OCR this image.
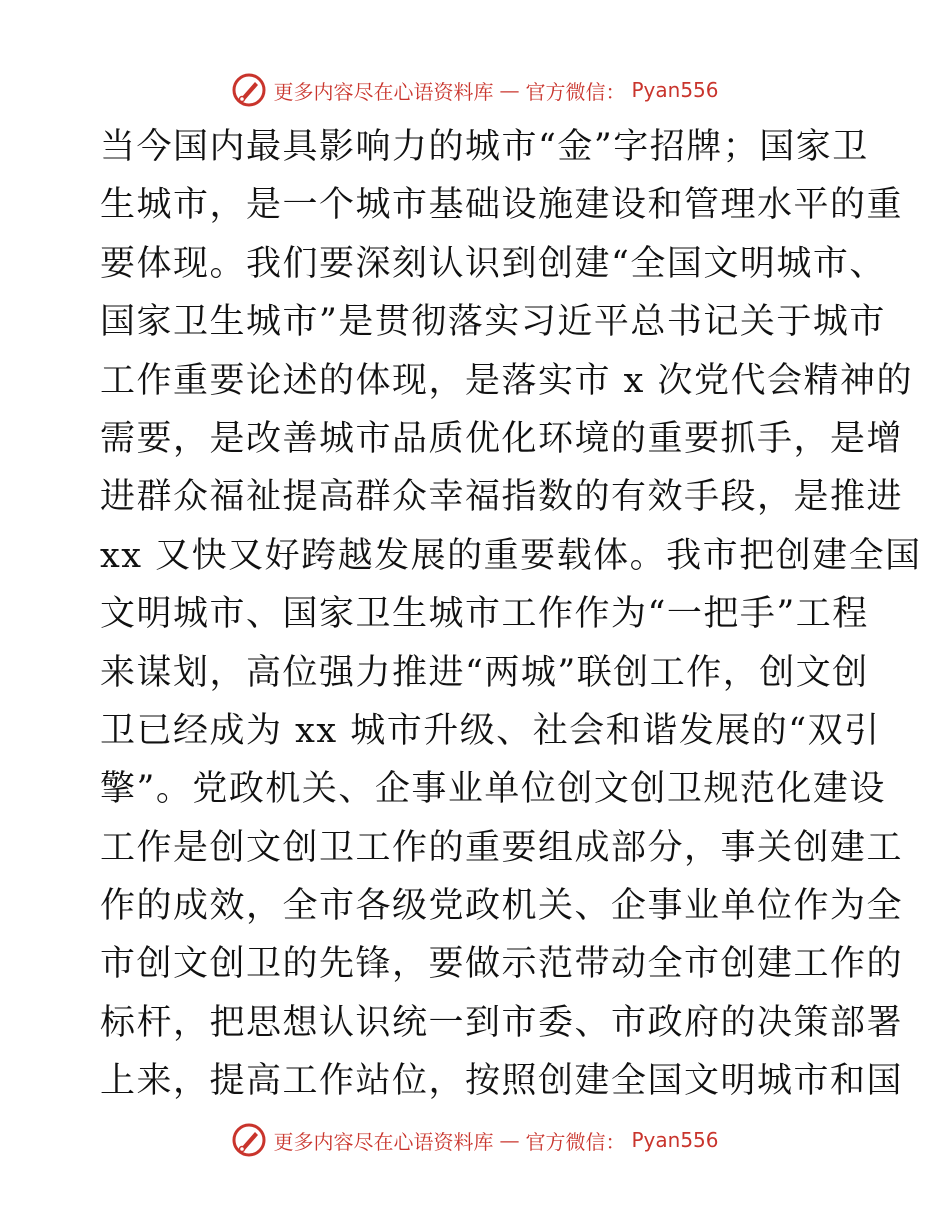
更多内容尽在心语资料库 — 官方微信： Pyan556
当今国内最具影响力的城市“金”字招牌；国家卫
生城市，是一个城市基础设施建设和管理水平的重
要体现。我们要深刻认识到创建“全国文明城市、
国家卫生城市”是贯彻落实习近平总书记关于城市
工作重要论述的体现，是落实市 x 次党代会精神的
需要，是改善城市品质优化环境的重要抓手，是增
进群众福祉提高群众幸福指数的有效手段，是推进
xx 又快又好跨越发展的重要载体。我市把创建全国
文明城市、国家卫生城市工作作为“一把手”工程
来谋划，高位强力推进“两城”联创工作，创文创
卫已经成为 xx 城市升级、社会和谐发展的“双引
擎”。党政机关、企事业单位创文创卫规范化建设
工作是创文创卫工作的重要组成部分，事关创建工
作的成效，全市各级党政机关、企事业单位作为全
市创文创卫的先锋，要做示范带动全市创建工作的
标杆，把思想认识统一到市委、市政府的决策部署
上来，提高工作站位，按照创建全国文明城市和国
更多内容尽在心语资料库 — 官方微信： Pyan556
